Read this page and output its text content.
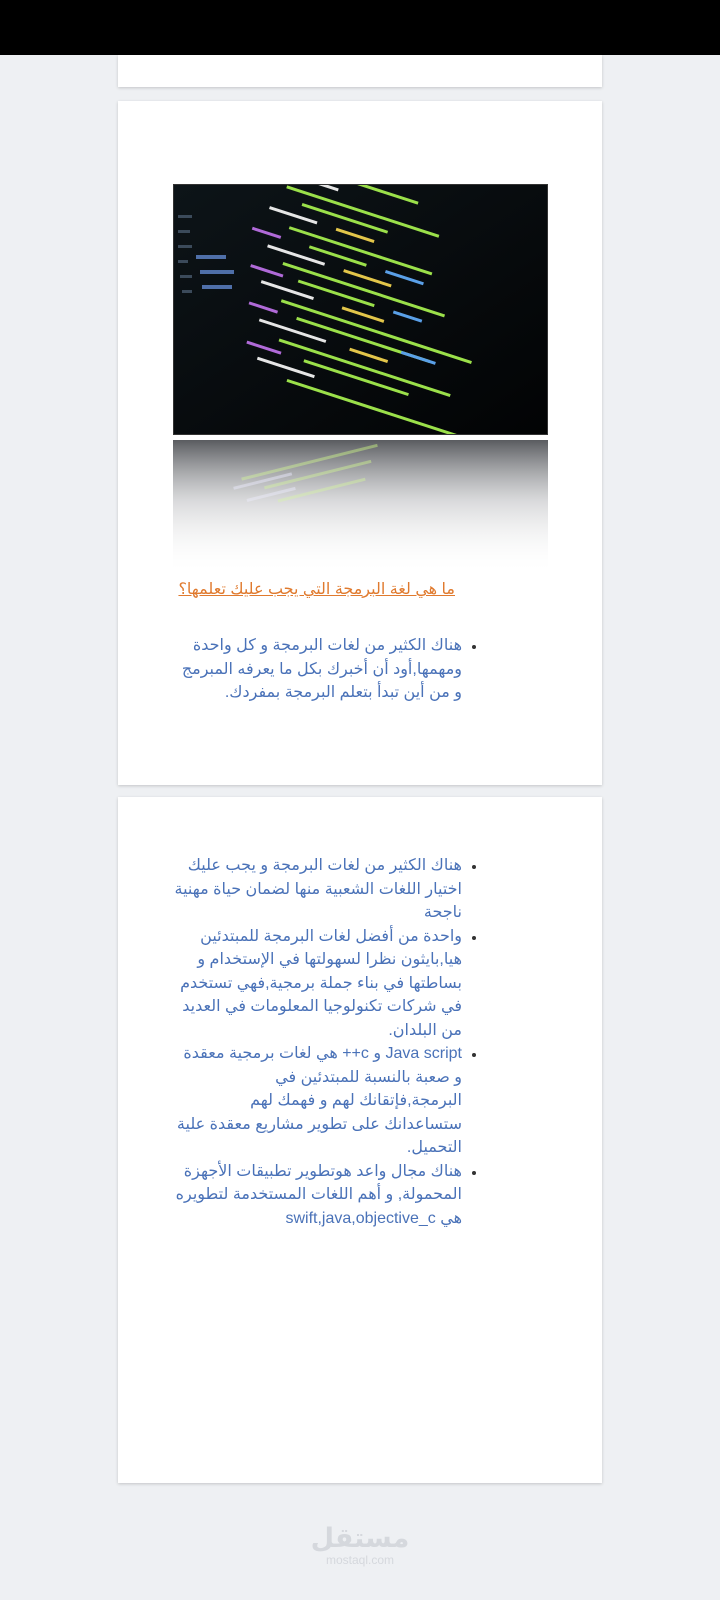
ما هي لغة البرمجة التي يجب عليك تعلمها؟
• هناك الكثير من لغات البرمجة و كل واحدة ومهمها,أود أن أخبرك بكل ما يعرفه المبرمج و من أين تبدأ بتعلم البرمجة بمفردك.
• هناك الكثير من لغات البرمجة و يجب عليك اختيار اللغات الشعبية منها لضمان حياة مهنية ناجحة
• واحدة من أفضل لغات البرمجة للمبتدئين هيا,بايثون نظرا لسهولتها في الإستخدام و بساطتها في بناء جملة برمجية,فهي تستخدم في شركات تكنولوجيا المعلومات في العديد من البلدان.
• Java script و c++ هي لغات برمجية معقدة و صعبة بالنسبة للمبتدئين في البرمجة,فإتقانك لهم و فهمك لهم ستساعدانك على تطوير مشاريع معقدة علية التحميل.
• هناك مجال واعد هوتطوير تطبيقات الأجهزة المحمولة, و أهم اللغات المستخدمة لتطويره هي swift,java,objective_c
مستقل
mostaql.com
